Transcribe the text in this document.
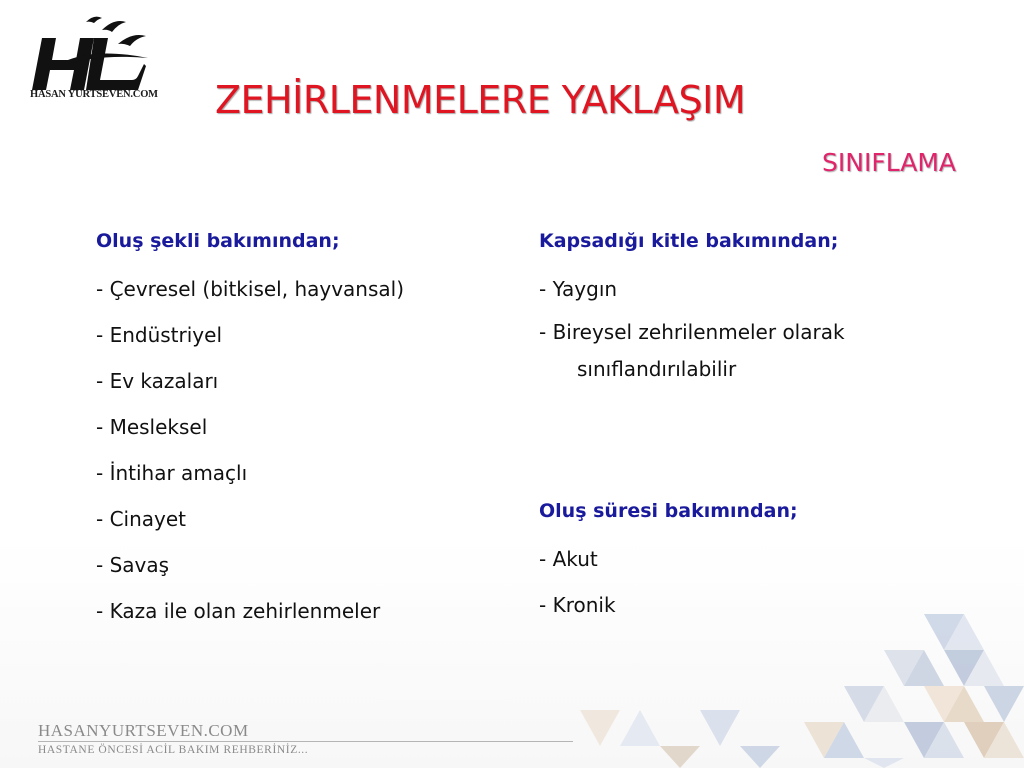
HASAN YURTSEVEN.COM ZEHİRLENMELERE YAKLAŞIM
SINIFLAMA
Oluş şekli bakımından;
- Çevresel (bitkisel, hayvansal)
- Endüstriyel
- Ev kazaları
- Mesleksel
- İntihar amaçlı
- Cinayet
- Savaş
- Kaza ile olan zehirlenmeler
Kapsadığı kitle bakımından;
- Yaygın
- Bireysel zehrilenmeler olarak
sınıflandırılabilir
Oluş süresi bakımından;
- Akut
- Kronik
HASANYURTSEVEN.COM
HASTANE ÖNCESİ ACİL BAKIM REHBERİNİZ...
